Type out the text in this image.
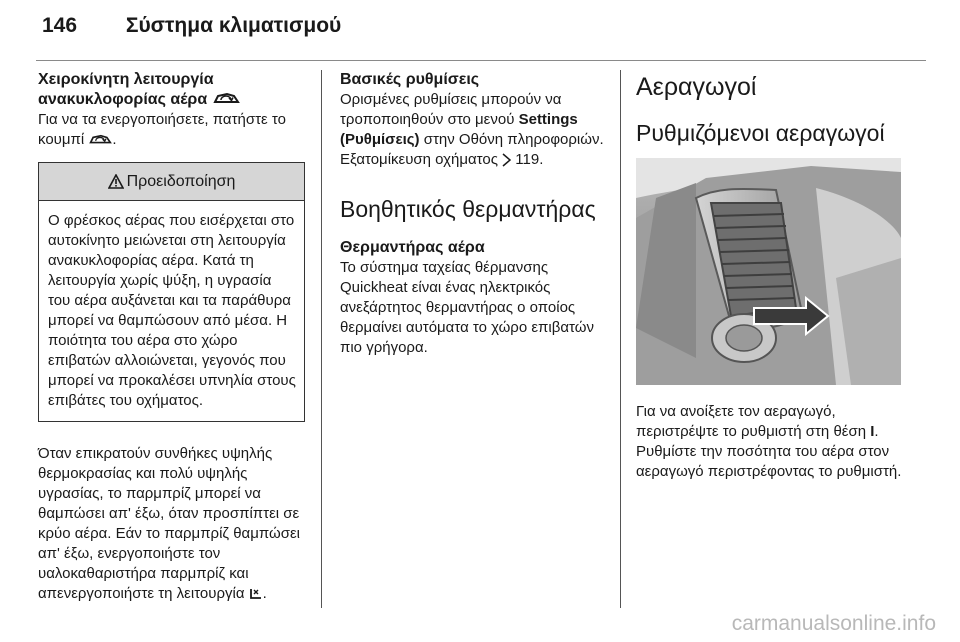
146 Σύστημα κλιματισμού
Χειροκίνητη λειτουργία
ανακυκλοφορίας αέρα

Για να τα ενεργοποιήσετε, πατήστε το κουμπί .

Προειδοποίηση
Ο φρέσκος αέρας που εισέρχεται στο αυτοκίνητο μειώνεται στη λειτουργία ανακυκλοφορίας αέρα. Κατά τη λειτουργία χωρίς ψύξη, η υγρασία του αέρα αυξάνεται και τα παράθυρα μπορεί να θαμπώσουν από μέσα. Η ποιότητα του αέρα στο χώρο επιβατών αλλοιώνεται, γεγονός που μπορεί να προκαλέσει υπνηλία στους επιβάτες του οχήματος.

Όταν επικρατούν συνθήκες υψηλής θερμοκρασίας και πολύ υψηλής υγρασίας, το παρμπρίζ μπορεί να θαμπώσει απ' έξω, όταν προσπίπτει σε κρύο αέρα. Εάν το παρμπρίζ θαμπώσει απ' έξω, ενεργοποιήστε τον υαλοκαθαριστήρα παρμπρίζ και απενεργοποιήστε τη λειτουργία .

Βασικές ρυθμίσεις

Ορισμένες ρυθμίσεις μπορούν να τροποποιηθούν στο μενού Settings (Ρυθμίσεις) στην Οθόνη πληροφοριών. Εξατομίκευση οχήματος 119.

Βοηθητικός θερμαντήρας
Θερμαντήρας αέρα

Το σύστημα ταχείας θέρμανσης Quickheat είναι ένας ηλεκτρικός ανεξάρτητος θερμαντήρας ο οποίος θερμαίνει αυτόματα το χώρο επιβατών πιο γρήγορα.

Αεραγωγοί
Ρυθμιζόμενοι αεραγωγοί

Για να ανοίξετε τον αεραγωγό, περιστρέψτε το ρυθμιστή στη θέση I. Ρυθμίστε την ποσότητα του αέρα στον αεραγωγό περιστρέφοντας το ρυθμιστή.

carmanualsonline.info
